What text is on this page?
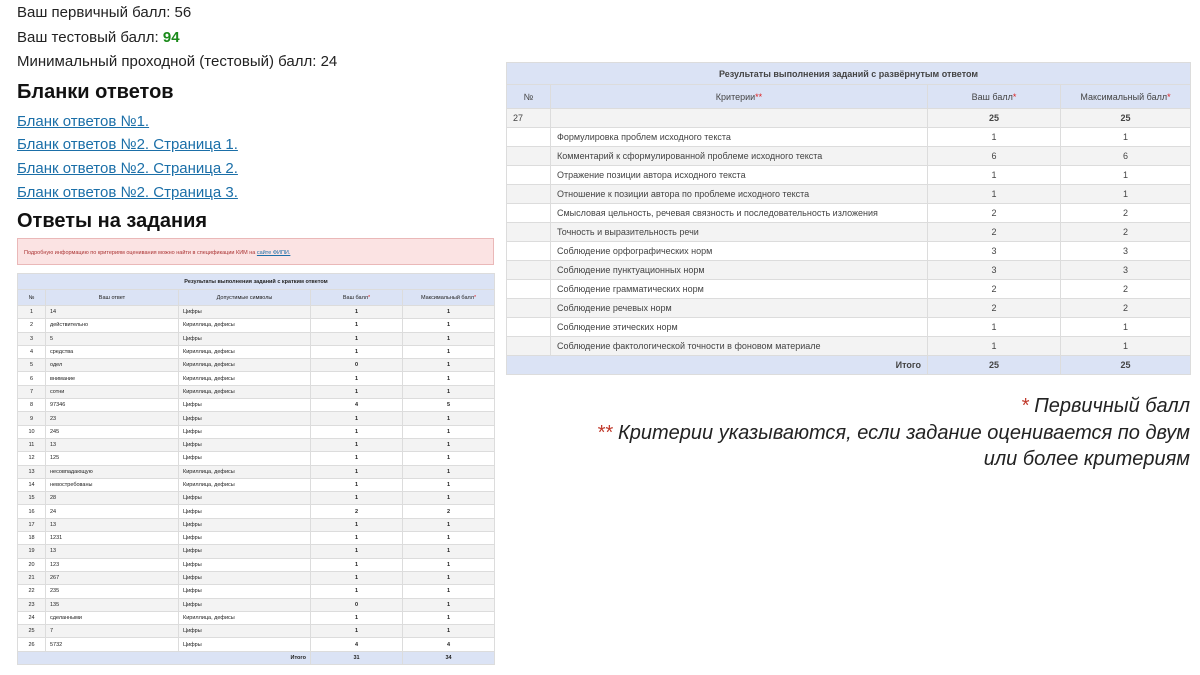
Ваш первичный балл: 56
Ваш тестовый балл: 94
Минимальный проходной (тестовый) балл: 24
Бланки ответов
Бланк ответов №1.
Бланк ответов №2. Страница 1.
Бланк ответов №2. Страница 2.
Бланк ответов №2. Страница 3.
Ответы на задания
Подробную информацию по критериям оценивания можно найти в спецификации КИМ на сайте ФИПИ.
Результаты выполнения заданий с кратким ответом				
№	Ваш ответ	Допустимые символы	Ваш балл*	Максимальный балл*
1	14	Цифры	1	1
2	действительно	Кириллица, дефисы	1	1
3	5	Цифры	1	1
4	средства	Кириллица, дефисы	1	1
5	одел	Кириллица, дефисы	0	1
6	внимание	Кириллица, дефисы	1	1
7	сотни	Кириллица, дефисы	1	1
8	97346	Цифры	4	5
9	23	Цифры	1	1
10	245	Цифры	1	1
11	13	Цифры	1	1
12	125	Цифры	1	1
13	несовпадающую	Кириллица, дефисы	1	1
14	невостребованы	Кириллица, дефисы	1	1
15	28	Цифры	1	1
16	24	Цифры	2	2
17	13	Цифры	1	1
18	1231	Цифры	1	1
19	13	Цифры	1	1
20	123	Цифры	1	1
21	267	Цифры	1	1
22	235	Цифры	1	1
23	135	Цифры	0	1
24	сделанными	Кириллица, дефисы	1	1
25	7	Цифры	1	1
26	5732	Цифры	4	4
Итого			31	34
Результаты выполнения заданий с развёрнутым ответом			
№	Критерии**	Ваш балл*	Максимальный балл*
27		25	25
	Формулировка проблем исходного текста	1	1
	Комментарий к сформулированной проблеме исходного текста	6	6
	Отражение позиции автора исходного текста	1	1
	Отношение к позиции автора по проблеме исходного текста	1	1
	Смысловая цельность, речевая связность и последовательность изложения	2	2
	Точность и выразительность речи	2	2
	Соблюдение орфографических норм	3	3
	Соблюдение пунктуационных норм	3	3
	Соблюдение грамматических норм	2	2
	Соблюдение речевых норм	2	2
	Соблюдение этических норм	1	1
	Соблюдение фактологической точности в фоновом материале	1	1
Итого		25	25
* Первичный балл
** Критерии указываются, если задание оценивается по двум
или более критериям
